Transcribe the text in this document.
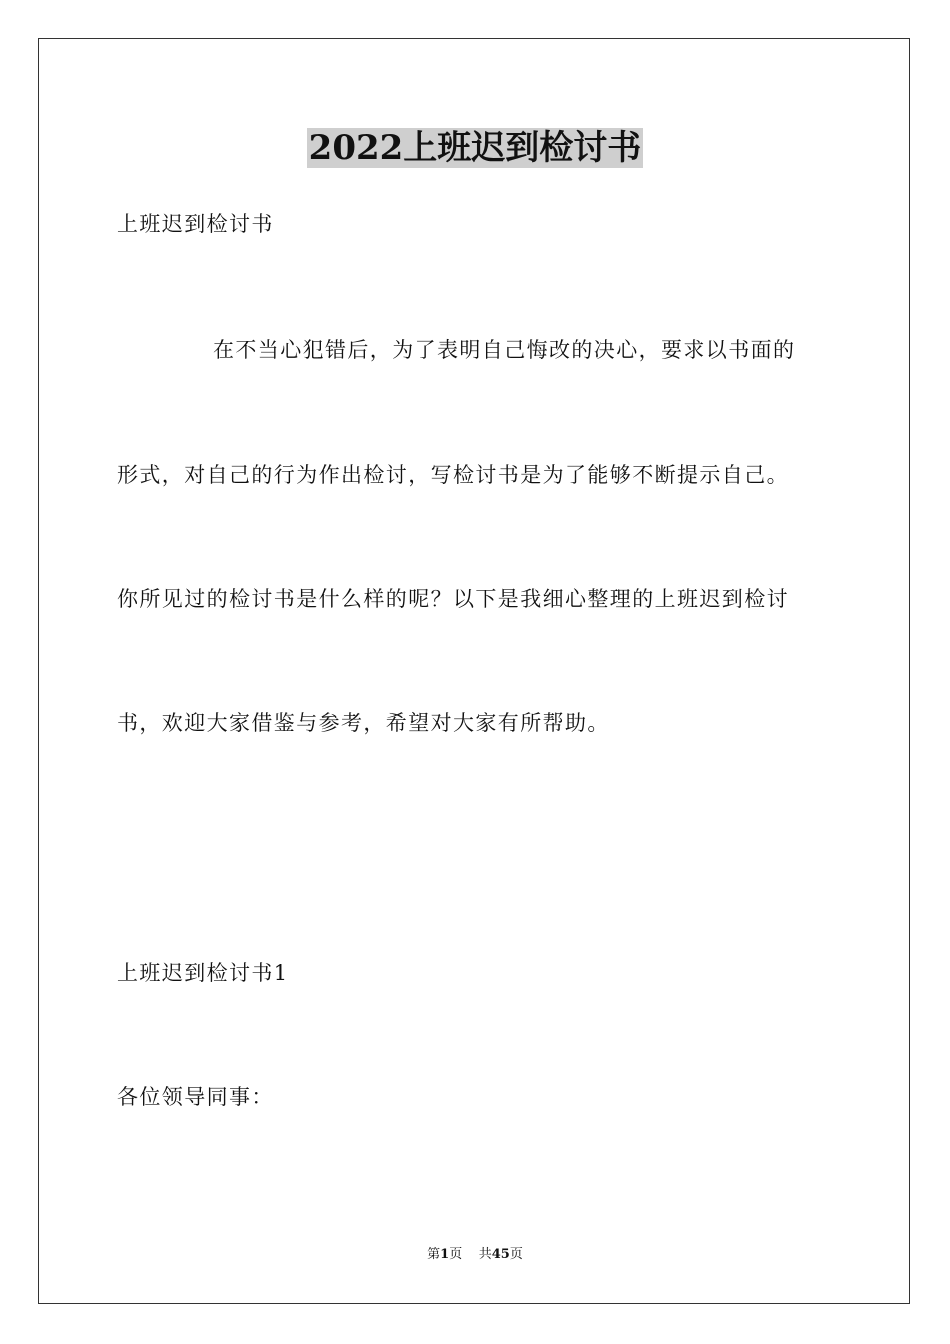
2022上班迟到检讨书

上班迟到检讨书

在不当心犯错后，为了表明自己悔改的决心，要求以书面的

形式，对自己的行为作出检讨，写检讨书是为了能够不断提示自己。

你所见过的检讨书是什么样的呢？以下是我细心整理的上班迟到检讨

书，欢迎大家借鉴与参考，希望对大家有所帮助。

上班迟到检讨书1

各位领导同事：

第1页 共45页
